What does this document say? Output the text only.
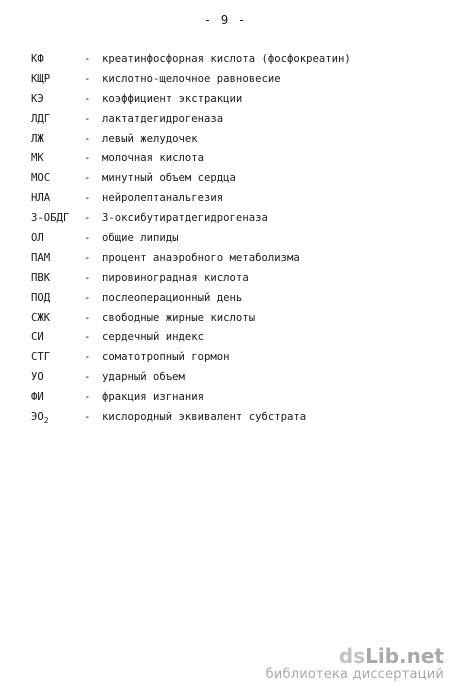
- 9 -
КФ	- креатинфосфорная кислота (фосфокреатин)
КЩР	- кислотно-щелочное равновесие
КЭ	- коэффициент экстракции
ЛДГ	- лактатдегидрогеназа
ЛЖ	- левый желудочек
МК	- молочная кислота
МОС	- минутный объем сердца
НЛА	- нейролептанальгезия
3-ОБДГ - 3-оксибутиратдегидрогеназа
ОЛ	- общие липиды
ПАМ	- процент анаэробного метаболизма
ПВК	- пировиноградная кислота
ПОД	- послеоперационный день
СЖК	- свободные жирные кислоты
СИ	- сердечный индекс
СТГ	- соматотропный гормон
УО	- ударный объем
ФИ	- фракция изгнания
$ЭО_2$	- кислородный эквивалент субстрата
dsLib.net
библиотека диссертаций
